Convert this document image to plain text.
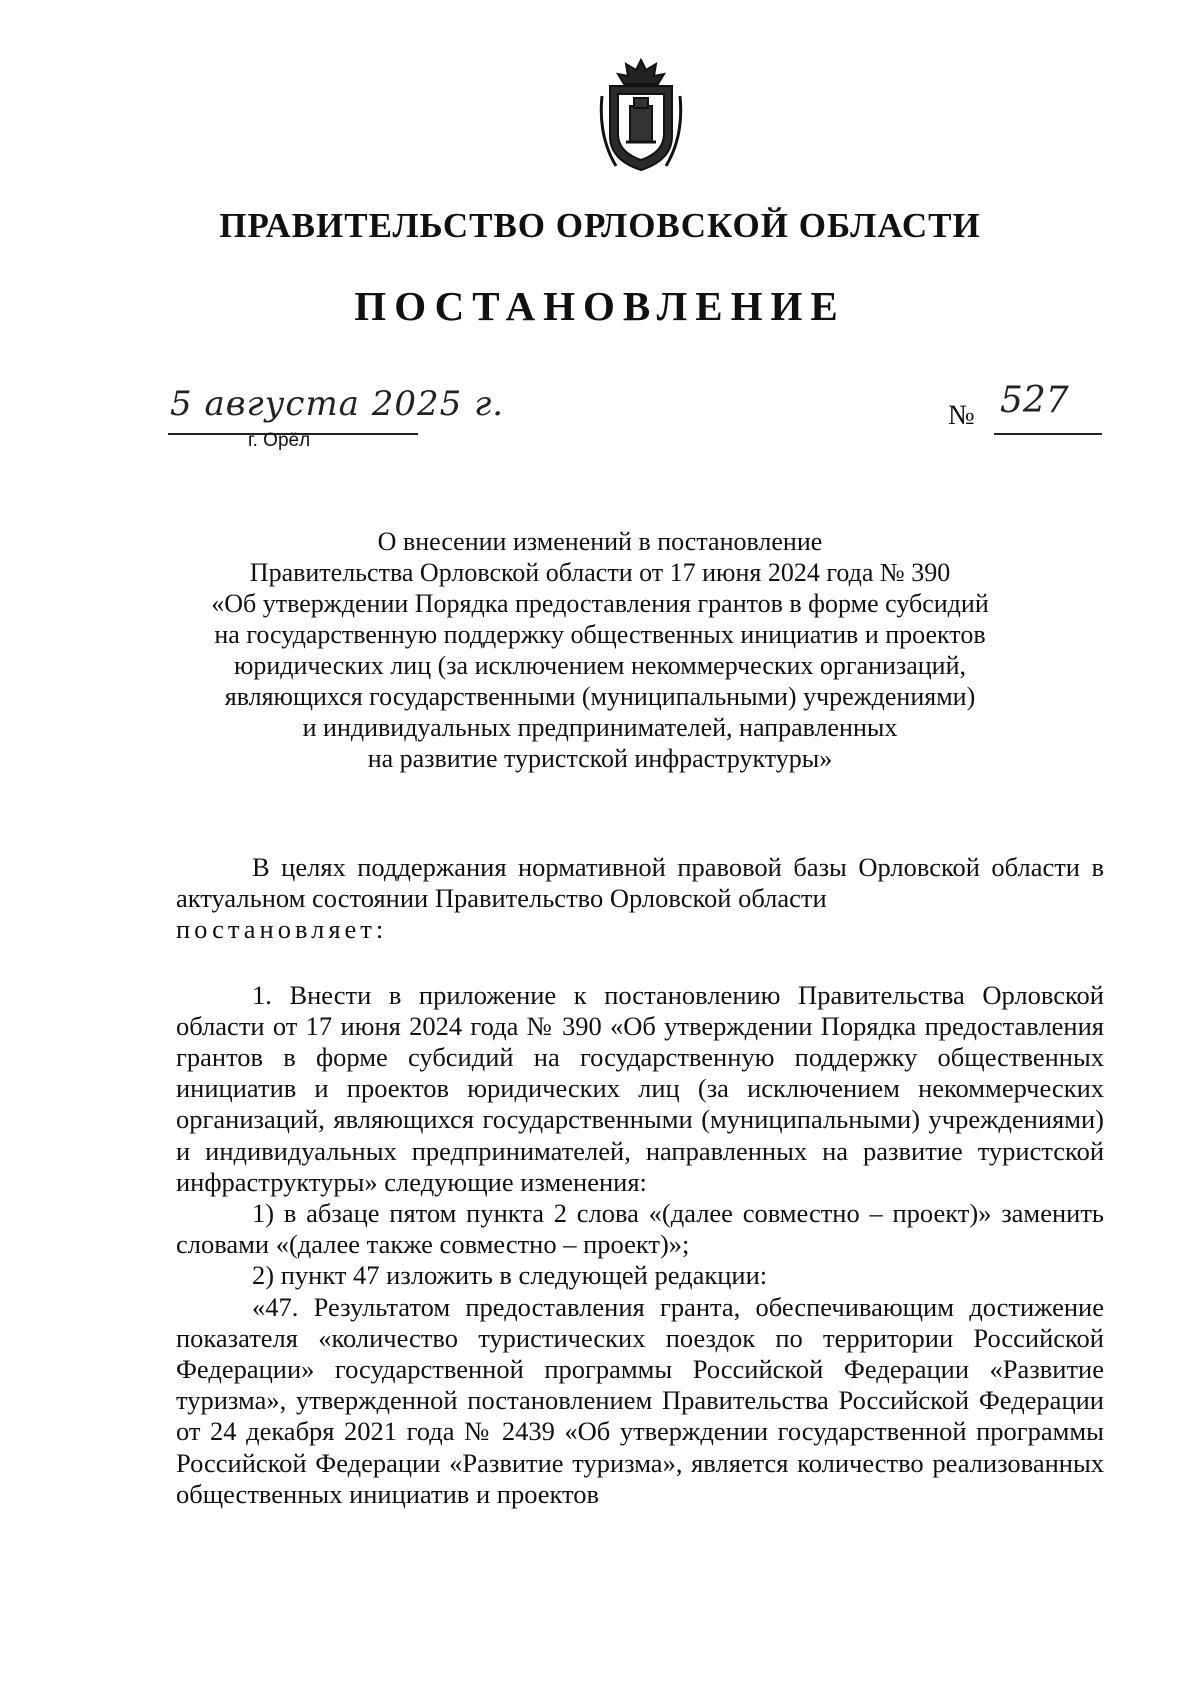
ПРАВИТЕЛЬСТВО ОРЛОВСКОЙ ОБЛАСТИ
ПОСТАНОВЛЕНИЕ
5 августа 2025 г.
г. Орёл
№ 527
О внесении изменений в постановление
Правительства Орловской области от 17 июня 2024 года № 390
«Об утверждении Порядка предоставления грантов в форме субсидий
на государственную поддержку общественных инициатив и проектов
юридических лиц (за исключением некоммерческих организаций,
являющихся государственными (муниципальными) учреждениями)
и индивидуальных предпринимателей, направленных
на развитие туристской инфраструктуры»

В целях поддержания нормативной правовой базы Орловской области в актуальном состоянии Правительство Орловской области

постановляет:

1. Внести в приложение к постановлению Правительства Орловской области от 17 июня 2024 года № 390 «Об утверждении Порядка предоставления грантов в форме субсидий на государственную поддержку общественных инициатив и проектов юридических лиц (за исключением некоммерческих организаций, являющихся государственными (муниципальными) учреждениями) и индивидуальных предпринимателей, направленных на развитие туристской инфраструктуры» следующие изменения:

1) в абзаце пятом пункта 2 слова «(далее совместно – проект)» заменить словами «(далее также совместно – проект)»;

2) пункт 47 изложить в следующей редакции:

«47. Результатом предоставления гранта, обеспечивающим достижение показателя «количество туристических поездок по территории Российской Федерации» государственной программы Российской Федерации «Развитие туризма», утвержденной постановлением Правительства Российской Федерации от 24 декабря 2021 года № 2439 «Об утверждении государственной программы Российской Федерации «Развитие туризма», является количество реализованных общественных инициатив и проектов
